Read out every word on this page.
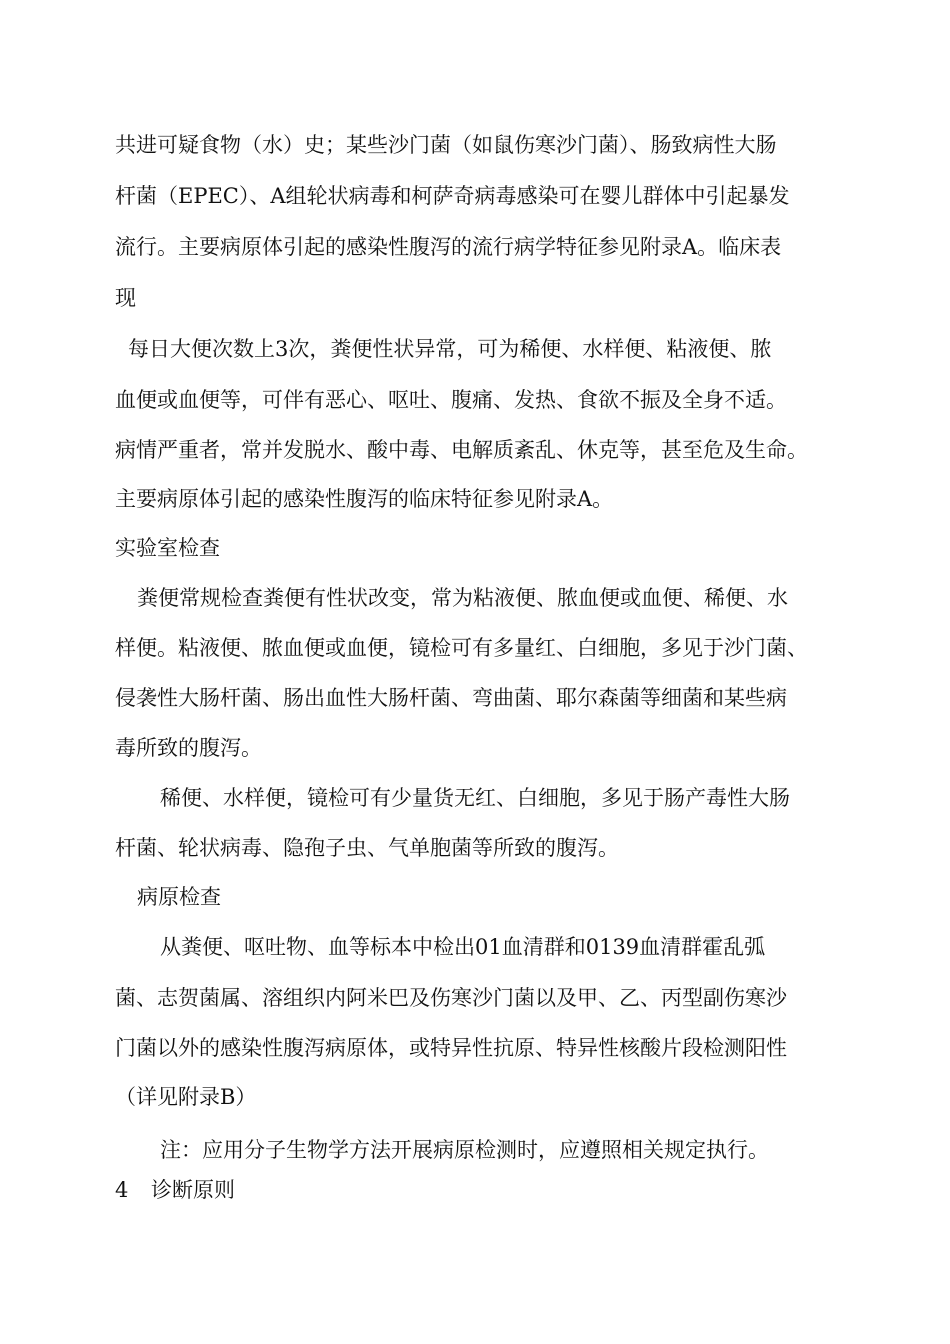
共进可疑食物（水）史；某些沙门菌（如鼠伤寒沙门菌）、肠致病性大肠
杆菌（EPEC）、A组轮状病毒和柯萨奇病毒感染可在婴儿群体中引起暴发
流行。主要病原体引起的感染性腹泻的流行病学特征参见附录A。临床表
现
每日大便次数上3次，粪便性状异常，可为稀便、水样便、粘液便、脓
血便或血便等，可伴有恶心、呕吐、腹痛、发热、食欲不振及全身不适。
病情严重者，常并发脱水、酸中毒、电解质紊乱、休克等，甚至危及生命。
主要病原体引起的感染性腹泻的临床特征参见附录A。
实验室检查
粪便常规检查粪便有性状改变，常为粘液便、脓血便或血便、稀便、水
样便。粘液便、脓血便或血便，镜检可有多量红、白细胞，多见于沙门菌、
侵袭性大肠杆菌、肠出血性大肠杆菌、弯曲菌、耶尔森菌等细菌和某些病
毒所致的腹泻。
稀便、水样便，镜检可有少量货无红、白细胞，多见于肠产毒性大肠
杆菌、轮状病毒、隐孢子虫、气单胞菌等所致的腹泻。
病原检查
从粪便、呕吐物、血等标本中检出01血清群和0139血清群霍乱弧
菌、志贺菌属、溶组织内阿米巴及伤寒沙门菌以及甲、乙、丙型副伤寒沙
门菌以外的感染性腹泻病原体，或特异性抗原、特异性核酸片段检测阳性
（详见附录B）
注：应用分子生物学方法开展病原检测时，应遵照相关规定执行。
4 诊断原则
